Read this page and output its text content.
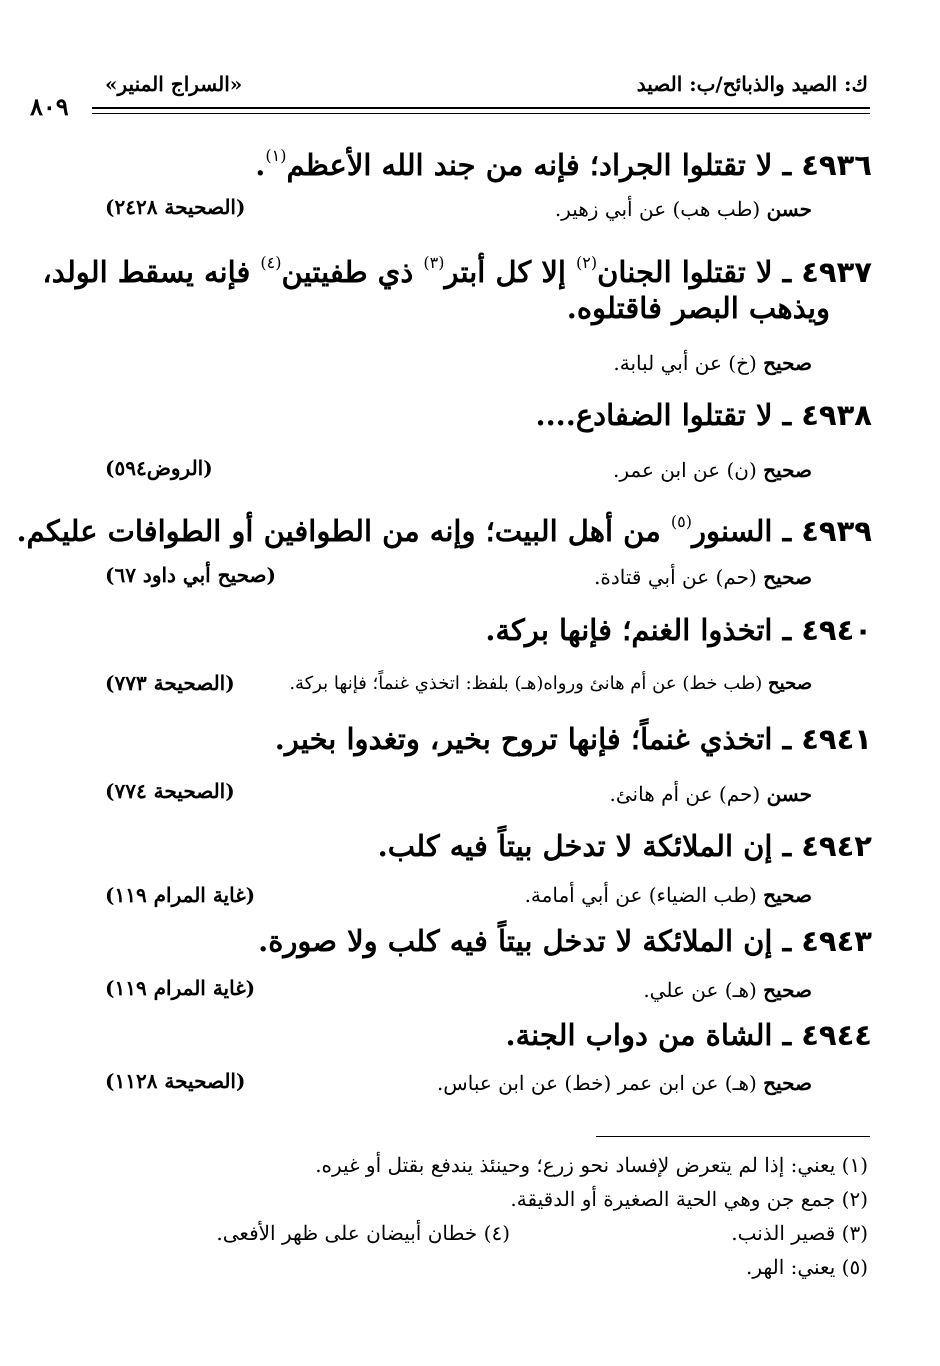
٨٠٩
«السراج المنير»	ك: الصيد والذبائح/ب: الصيد
٤٩٣٦ ـ لا تقتلوا الجراد؛ فإنه من جند الله الأعظم$^{(١)}$.
حسن (طب هب) عن أبي زهير.
(الصحيحة ٢٤٢٨)
٤٩٣٧ ـ لا تقتلوا الجنان$^{(٢)}$ إلا كل أبتر$^{(٣)}$ ذي طفيتين$^{(٤)}$ فإنه يسقط الولد،
ويذهب البصر فاقتلوه.
صحيح (خ) عن أبي لبابة.
٤٩٣٨ ـ لا تقتلوا الضفادع....
صحيح (ن) عن ابن عمر.
(الروض٥٩٤)
٤٩٣٩ ـ السنور$^{(٥)}$ من أهل البيت؛ وإنه من الطوافين أو الطوافات عليكم.
صحيح (حم) عن أبي قتادة.
(صحيح أبي داود ٦٧)
٤٩٤٠ ـ اتخذوا الغنم؛ فإنها بركة.
صحيح (طب خط) عن أم هانئ ورواه(هـ) بلفظ: اتخذي غنماً؛ فإنها بركة.
(الصحيحة ٧٧٣)
٤٩٤١ ـ اتخذي غنماً؛ فإنها تروح بخير، وتغدوا بخير.
حسن (حم) عن أم هانئ.
(الصحيحة ٧٧٤)
٤٩٤٢ ـ إن الملائكة لا تدخل بيتاً فيه كلب.
صحيح (طب الضياء) عن أبي أمامة.
(غاية المرام ١١٩)
٤٩٤٣ ـ إن الملائكة لا تدخل بيتاً فيه كلب ولا صورة.
صحيح (هـ) عن علي.
(غاية المرام ١١٩)
٤٩٤٤ ـ الشاة من دواب الجنة.
صحيح (هـ) عن ابن عمر (خط) عن ابن عباس.
(الصحيحة ١١٢٨)
(١) يعني: إذا لم يتعرض لإفساد نحو زرع؛ وحينئذ يندفع بقتل أو غيره.
(٢) جمع جن وهي الحية الصغيرة أو الدقيقة.
(٣) قصير الذنب.
(٤) خطان أبيضان على ظهر الأفعى.
(٥) يعني: الهر.
